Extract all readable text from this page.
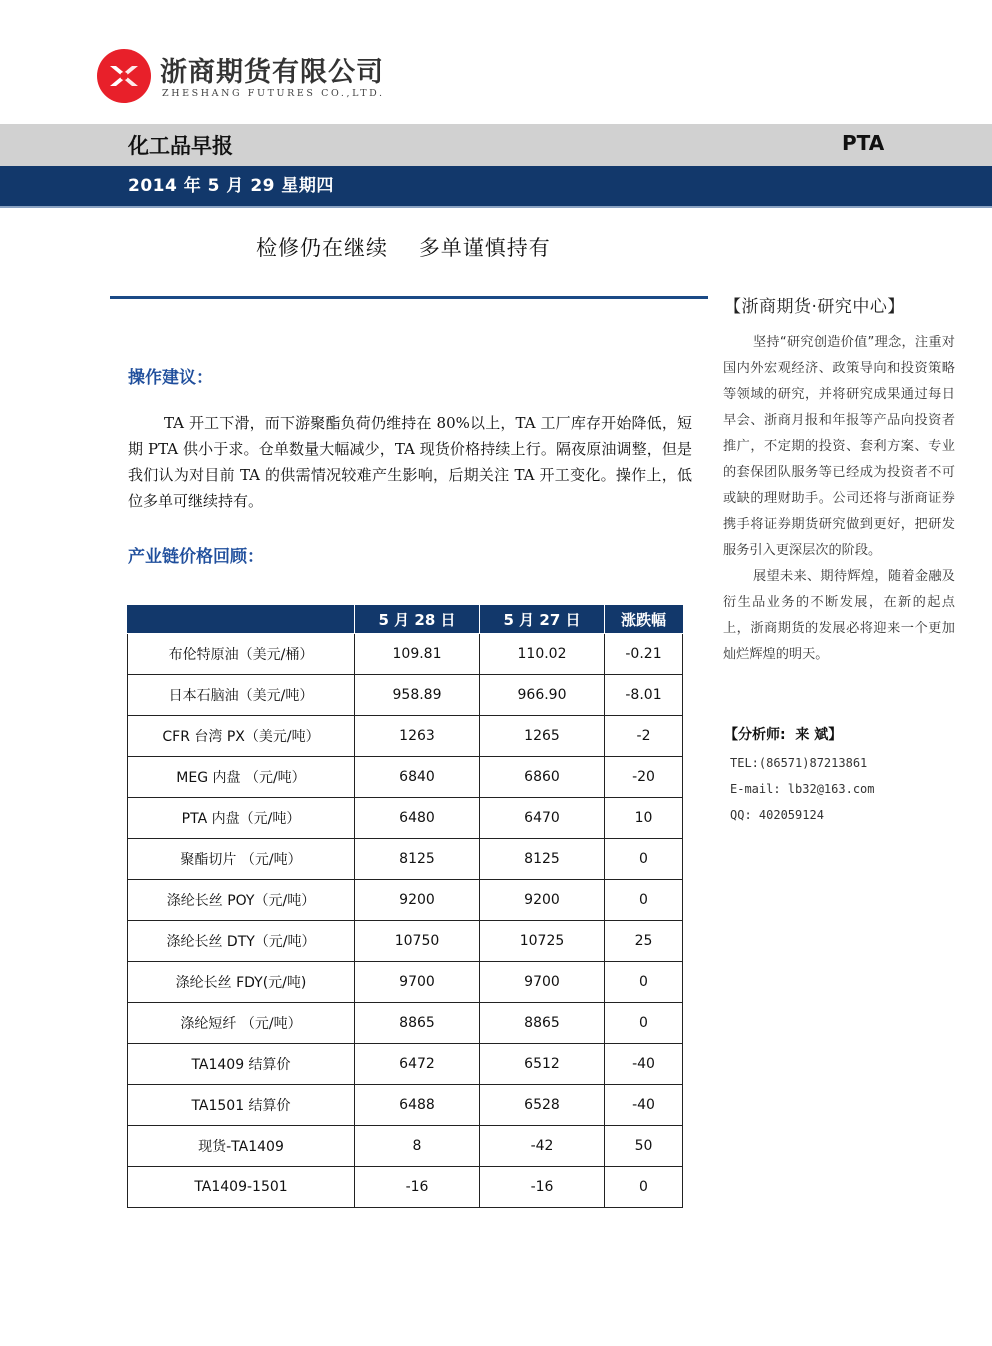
浙商期货有限公司
ZHESHANG FUTURES CO.,LTD.
化工品早报	PTA
2014 年 5 月 29 星期四
检修仍在继续    多单谨慎持有
操作建议：
TA 开工下滑，而下游聚酯负荷仍维持在 80%以上，TA 工厂库存开始降低，短期 PTA 供小于求。仓单数量大幅减少，TA 现货价格持续上行。隔夜原油调整，但是我们认为对目前 TA 的供需情况较难产生影响，后期关注 TA 开工变化。操作上，低位多单可继续持有。
产业链价格回顾：
	5 月 28 日	5 月 27 日	涨跌幅
布伦特原油（美元/桶）	109.81	110.02	-0.21
日本石脑油（美元/吨）	958.89	966.90	-8.01
CFR 台湾 PX（美元/吨）	1263	1265	-2
MEG 内盘 （元/吨）	6840	6860	-20
PTA 内盘（元/吨）	6480	6470	10
聚酯切片 （元/吨）	8125	8125	0
涤纶长丝 POY（元/吨）	9200	9200	0
涤纶长丝 DTY（元/吨）	10750	10725	25
涤纶长丝 FDY(元/吨)	9700	9700	0
涤纶短纤 （元/吨）	8865	8865	0
TA1409 结算价	6472	6512	-40
TA1501 结算价	6488	6528	-40
现货-TA1409	8	-42	50
TA1409-1501	-16	-16	0
【浙商期货·研究中心】

坚持“研究创造价值”理念，注重对国内外宏观经济、政策导向和投资策略等领域的研究，并将研究成果通过每日早会、浙商月报和年报等产品向投资者推广，不定期的投资、套利方案、专业的套保团队服务等已经成为投资者不可或缺的理财助手。公司还将与浙商证券携手将证券期货研究做到更好，把研发服务引入更深层次的阶段。

展望未来、期待辉煌，随着金融及衍生品业务的不断发展，在新的起点上，浙商期货的发展必将迎来一个更加灿烂辉煌的明天。

【分析师:  来 斌】
TEL:(86571)87213861
E-mail: lb32@163.com
QQ: 402059124
